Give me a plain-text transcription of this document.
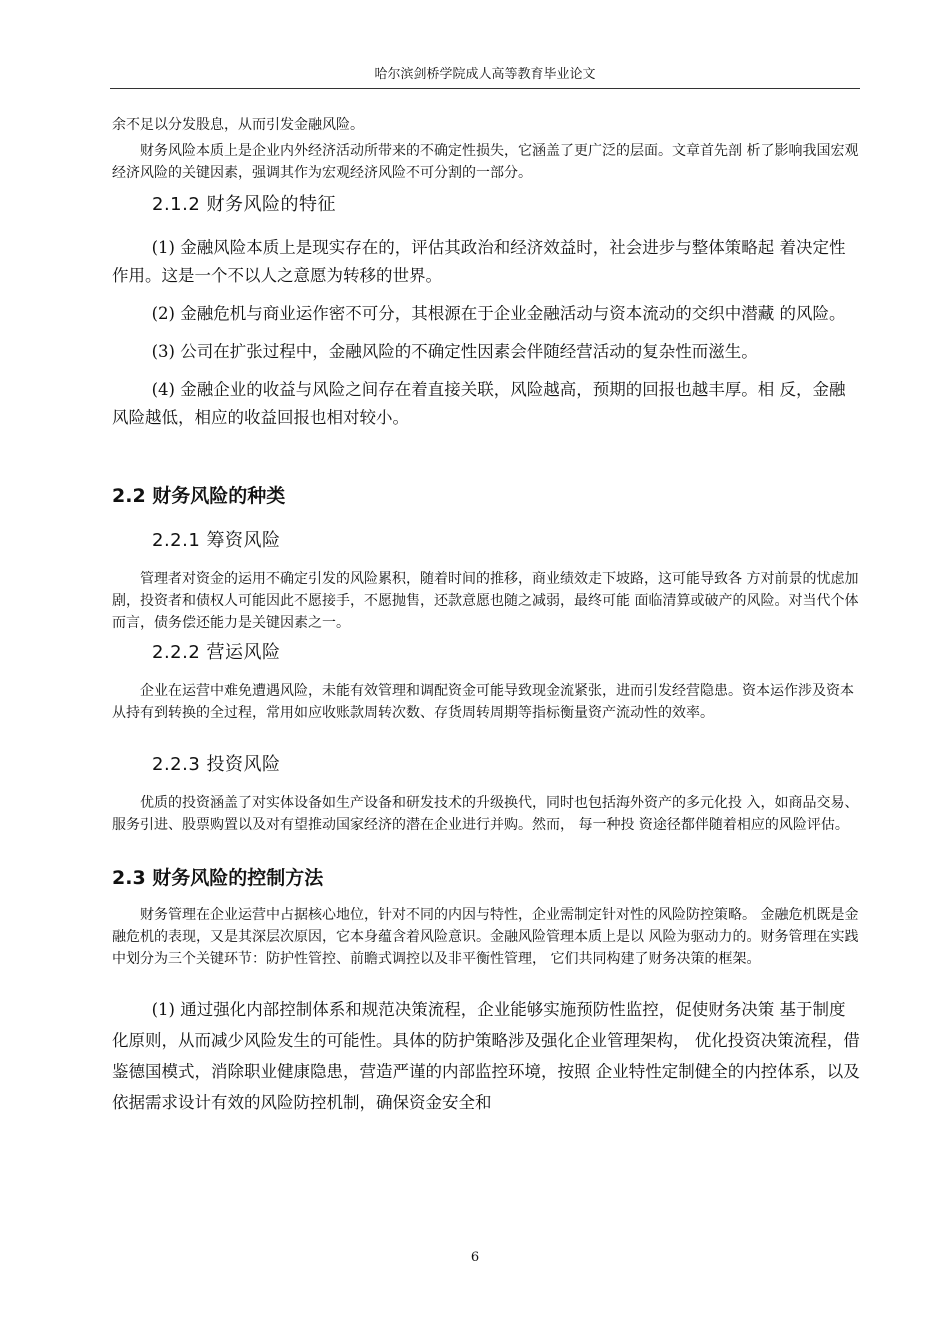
哈尔滨剑桥学院成人高等教育毕业论文

余不足以分发股息，从而引发金融风险。

财务风险本质上是企业内外经济活动所带来的不确定性损失，它涵盖了更广泛的层面。文章首先剖 析了影响我国宏观经济风险的关键因素，强调其作为宏观经济风险不可分割的一部分。

2.1.2 财务风险的特征

(1) 金融风险本质上是现实存在的，评估其政治和经济效益时，社会进步与整体策略起 着决定性作用。这是一个不以人之意愿为转移的世界。

(2) 金融危机与商业运作密不可分，其根源在于企业金融活动与资本流动的交织中潜藏 的风险。

(3) 公司在扩张过程中，金融风险的不确定性因素会伴随经营活动的复杂性而滋生。

(4) 金融企业的收益与风险之间存在着直接关联，风险越高，预期的回报也越丰厚。相 反，金融风险越低，相应的收益回报也相对较小。

2.2 财务风险的种类
2.2.1 筹资风险

管理者对资金的运用不确定引发的风险累积，随着时间的推移，商业绩效走下坡路，这可能导致各 方对前景的忧虑加剧，投资者和债权人可能因此不愿接手，不愿抛售，还款意愿也随之减弱，最终可能 面临清算或破产的风险。对当代个体而言，债务偿还能力是关键因素之一。

2.2.2 营运风险

企业在运营中难免遭遇风险，未能有效管理和调配资金可能导致现金流紧张，进而引发经营隐患。资本运作涉及资本从持有到转换的全过程，常用如应收账款周转次数、存货周转周期等指标衡量资产流动性的效率。

2.2.3 投资风险

优质的投资涵盖了对实体设备如生产设备和研发技术的升级换代，同时也包括海外资产的多元化投 入，如商品交易、服务引进、股票购置以及对有望推动国家经济的潜在企业进行并购。然而， 每一种投 资途径都伴随着相应的风险评估。

2.3 财务风险的控制方法

财务管理在企业运营中占据核心地位，针对不同的内因与特性，企业需制定针对性的风险防控策略。 金融危机既是金融危机的表现，又是其深层次原因，它本身蕴含着风险意识。金融风险管理本质上是以 风险为驱动力的。财务管理在实践中划分为三个关键环节：防护性管控、前瞻式调控以及非平衡性管理， 它们共同构建了财务决策的框架。

(1) 通过强化内部控制体系和规范决策流程，企业能够实施预防性监控，促使财务决策 基于制度化原则，从而减少风险发生的可能性。具体的防护策略涉及强化企业管理架构， 优化投资决策流程，借鉴德国模式，消除职业健康隐患，营造严谨的内部监控环境，按照 企业特性定制健全的内控体系，以及依据需求设计有效的风险防控机制，确保资金安全和

6
